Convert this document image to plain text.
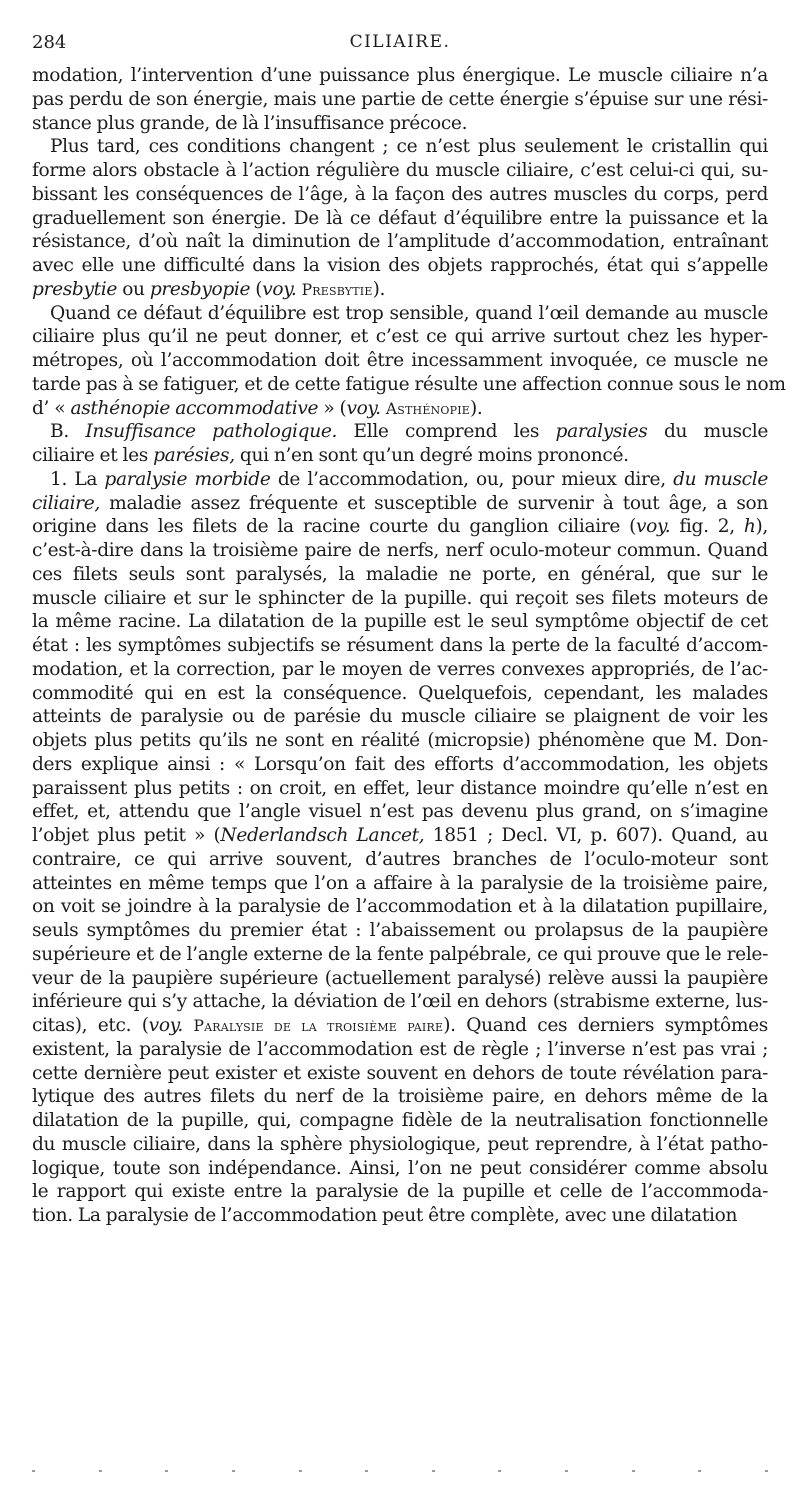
284	CILIAIRE.
modation, l’intervention d’une puissance plus énergique. Le muscle ciliaire n’a
pas perdu de son énergie, mais une partie de cette énergie s’épuise sur une rési-
stance plus grande, de là l’insuffisance précoce.
Plus tard, ces conditions changent ; ce n’est plus seulement le cristallin qui
forme alors obstacle à l’action régulière du muscle ciliaire, c’est celui-ci qui, su-
bissant les conséquences de l’âge, à la façon des autres muscles du corps, perd
graduellement son énergie. De là ce défaut d’équilibre entre la puissance et la
résistance, d’où naît la diminution de l’amplitude d’accommodation, entraînant
avec elle une difficulté dans la vision des objets rapprochés, état qui s’appelle
presbytie ou presbyopie (voy. Presbytie).
Quand ce défaut d’équilibre est trop sensible, quand l’œil demande au muscle
ciliaire plus qu’il ne peut donner, et c’est ce qui arrive surtout chez les hyper-
métropes, où l’accommodation doit être incessamment invoquée, ce muscle ne
tarde pas à se fatiguer, et de cette fatigue résulte une affection connue sous le nom
d’ « asthénopie accommodative » (voy. Asthénopie).
B. Insuffisance pathologique. Elle comprend les paralysies du muscle
ciliaire et les parésies, qui n’en sont qu’un degré moins prononcé.
1. La paralysie morbide de l’accommodation, ou, pour mieux dire, du muscle
ciliaire, maladie assez fréquente et susceptible de survenir à tout âge, a son
origine dans les filets de la racine courte du ganglion ciliaire (voy. fig. 2, h),
c’est-à-dire dans la troisième paire de nerfs, nerf oculo-moteur commun. Quand
ces filets seuls sont paralysés, la maladie ne porte, en général, que sur le
muscle ciliaire et sur le sphincter de la pupille. qui reçoit ses filets moteurs de
la même racine. La dilatation de la pupille est le seul symptôme objectif de cet
état : les symptômes subjectifs se résument dans la perte de la faculté d’accom-
modation, et la correction, par le moyen de verres convexes appropriés, de l’ac-
commodité qui en est la conséquence. Quelquefois, cependant, les malades
atteints de paralysie ou de parésie du muscle ciliaire se plaignent de voir les
objets plus petits qu’ils ne sont en réalité (micropsie) phénomène que M. Don-
ders explique ainsi : « Lorsqu’on fait des efforts d’accommodation, les objets
paraissent plus petits : on croit, en effet, leur distance moindre qu’elle n’est en
effet, et, attendu que l’angle visuel n’est pas devenu plus grand, on s’imagine
l’objet plus petit » (Nederlandsch Lancet, 1851 ; Decl. VI, p. 607). Quand, au
contraire, ce qui arrive souvent, d’autres branches de l’oculo-moteur sont
atteintes en même temps que l’on a affaire à la paralysie de la troisième paire,
on voit se joindre à la paralysie de l’accommodation et à la dilatation pupillaire,
seuls symptômes du premier état : l’abaissement ou prolapsus de la paupière
supérieure et de l’angle externe de la fente palpébrale, ce qui prouve que le rele-
veur de la paupière supérieure (actuellement paralysé) relève aussi la paupière
inférieure qui s’y attache, la déviation de l’œil en dehors (strabisme externe, lus-
citas), etc. (voy. Paralysie de la troisième paire). Quand ces derniers symptômes
existent, la paralysie de l’accommodation est de règle ; l’inverse n’est pas vrai ;
cette dernière peut exister et existe souvent en dehors de toute révélation para-
lytique des autres filets du nerf de la troisième paire, en dehors même de la
dilatation de la pupille, qui, compagne fidèle de la neutralisation fonctionnelle
du muscle ciliaire, dans la sphère physiologique, peut reprendre, à l’état patho-
logique, toute son indépendance. Ainsi, l’on ne peut considérer comme absolu
le rapport qui existe entre la paralysie de la pupille et celle de l’accommoda-
tion. La paralysie de l’accommodation peut être complète, avec une dilatation
